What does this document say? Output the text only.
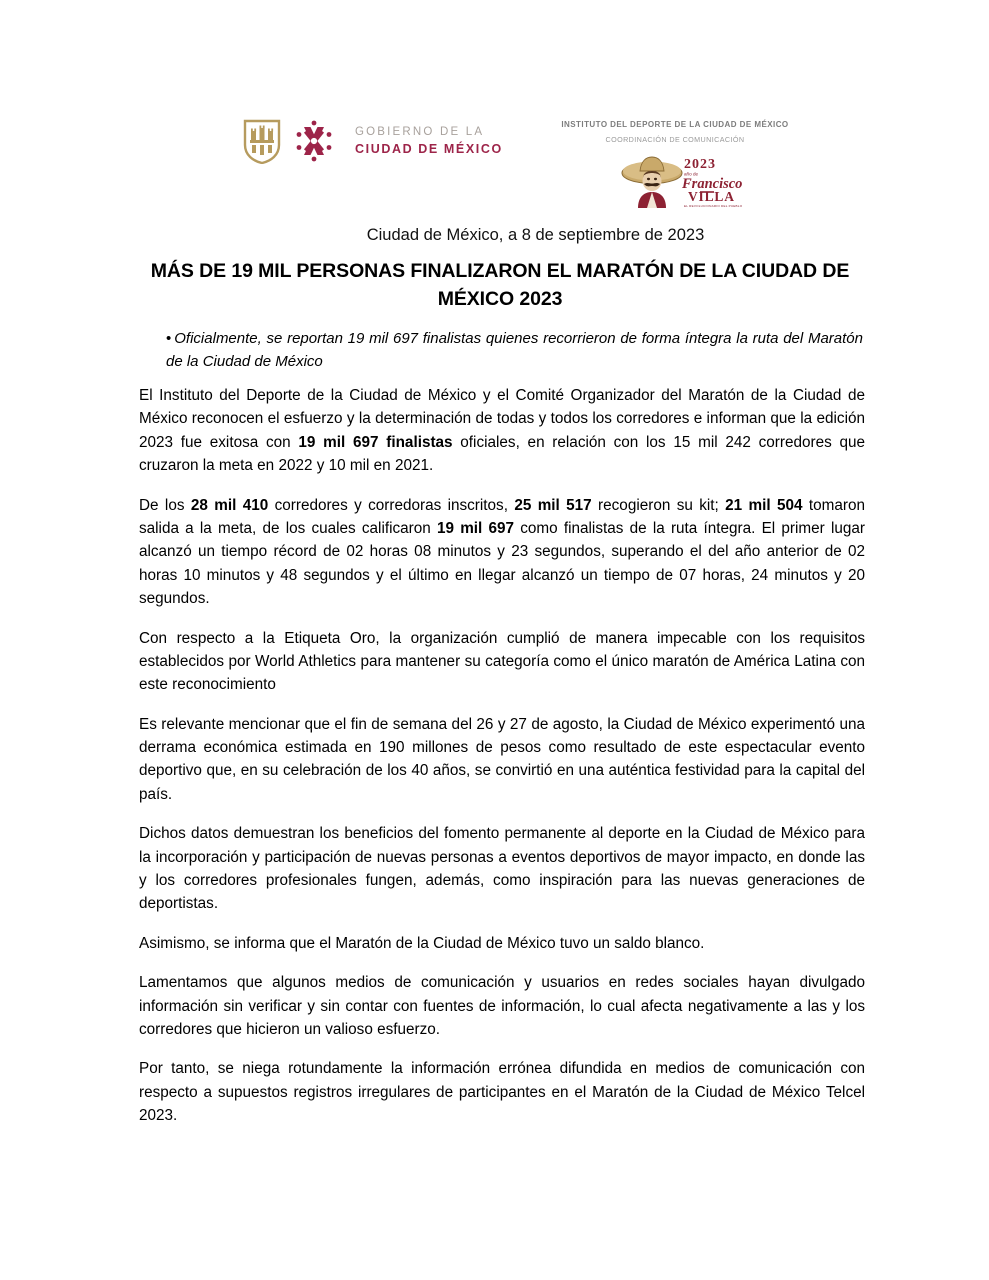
GOBIERNO DE LA
CIUDAD DE MÉXICO
INSTITUTO DEL DEPORTE DE LA CIUDAD DE MÉXICO
COORDINACIÓN DE COMUNICACIÓN
2023
año de
Francisco
VILLA
EL REVOLUCIONARIO DEL PUEBLO
Ciudad de México, a 8 de septiembre de 2023
MÁS DE 19 MIL PERSONAS FINALIZARON EL MARATÓN DE LA CIUDAD DE MÉXICO 2023
• Oficialmente, se reportan 19 mil 697 finalistas quienes recorrieron de forma íntegra la ruta del Maratón de la Ciudad de México

El Instituto del Deporte de la Ciudad de México y el Comité Organizador del Maratón de la Ciudad de México reconocen el esfuerzo y la determinación de todas y todos los corredores e informan que la edición 2023 fue exitosa con 19 mil 697 finalistas oficiales, en relación con los 15 mil 242 corredores que cruzaron la meta en 2022 y 10 mil en 2021.

De los 28 mil 410 corredores y corredoras inscritos, 25 mil 517 recogieron su kit; 21 mil 504 tomaron salida a la meta, de los cuales calificaron 19 mil 697 como finalistas de la ruta íntegra. El primer lugar alcanzó un tiempo récord de 02 horas 08 minutos y 23 segundos, superando el del año anterior de 02 horas 10 minutos y 48 segundos y el último en llegar alcanzó un tiempo de 07 horas, 24 minutos y 20 segundos.

Con respecto a la Etiqueta Oro, la organización cumplió de manera impecable con los requisitos establecidos por World Athletics para mantener su categoría como el único maratón de América Latina con este reconocimiento

Es relevante mencionar que el fin de semana del 26 y 27 de agosto, la Ciudad de México experimentó una derrama económica estimada en 190 millones de pesos como resultado de este espectacular evento deportivo que, en su celebración de los 40 años, se convirtió en una auténtica festividad para la capital del país.

Dichos datos demuestran los beneficios del fomento permanente al deporte en la Ciudad de México para la incorporación y participación de nuevas personas a eventos deportivos de mayor impacto, en donde las y los corredores profesionales fungen, además, como inspiración para las nuevas generaciones de deportistas.

Asimismo, se informa que el Maratón de la Ciudad de México tuvo un saldo blanco.

Lamentamos que algunos medios de comunicación y usuarios en redes sociales hayan divulgado información sin verificar y sin contar con fuentes de información, lo cual afecta negativamente a las y los corredores que hicieron un valioso esfuerzo.

Por tanto, se niega rotundamente la información errónea difundida en medios de comunicación con respecto a supuestos registros irregulares de participantes en el Maratón de la Ciudad de México Telcel 2023.
